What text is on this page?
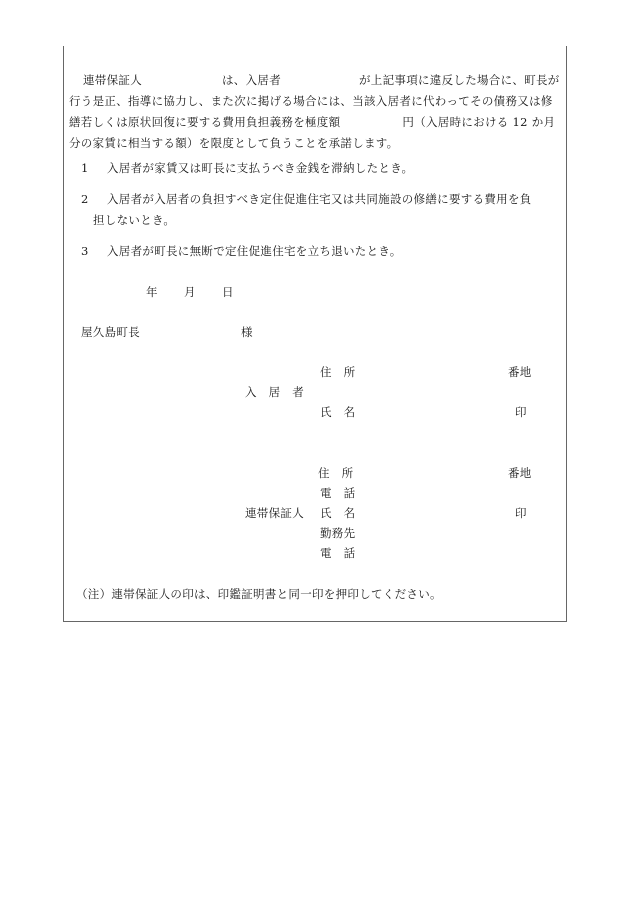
連帯保証人	は、入居者	が上記事項に違反した場合に、町長が行う是正、指導に協力し、また次に掲げる場合には、当該入居者に代わってその債務又は修繕若しくは原状回復に要する費用負担義務を極度額	円（入居時における 12 か月分の家賃に相当する額）を限度として負うことを承諾します。
1 入居者が家賃又は町長に支払うべき金銭を滞納したとき。
2 入居者が入居者の負担すべき定住促進住宅又は共同施設の修繕に要する費用を負
担しないとき。
3 入居者が町長に無断で定住促進住宅を立ち退いたとき。
年 月 日
屋久島町長	様
住　所	番地
入　居　者
氏　名	印
住　所	番地
電　話
連帯保証人 氏　名	印
勤務先
電　話
（注）連帯保証人の印は、印鑑証明書と同一印を押印してください。
